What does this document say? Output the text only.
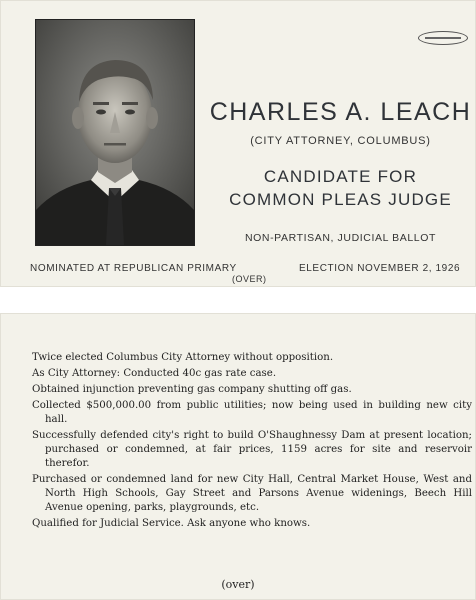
CHARLES A. LEACH
(CITY ATTORNEY, COLUMBUS)
CANDIDATE FOR
COMMON PLEAS JUDGE
NON-PARTISAN, JUDICIAL BALLOT
NOMINATED AT REPUBLICAN PRIMARY	ELECTION NOVEMBER 2, 1926
(OVER)

Twice elected Columbus City Attorney without opposition.

As City Attorney: Conducted 40c gas rate case.

Obtained injunction preventing gas company shutting off gas.

Collected $500,000.00 from public utilities; now being used in building new city hall.

Successfully defended city's right to build O'Shaughnessy Dam at present location; purchased or condemned, at fair prices, 1159 acres for site and reservoir therefor.

Purchased or condemned land for new City Hall, Central Market House, West and North High Schools, Gay Street and Parsons Avenue widenings, Beech Hill Avenue opening, parks, playgrounds, etc.

Qualified for Judicial Service. Ask anyone who knows.

(over)
